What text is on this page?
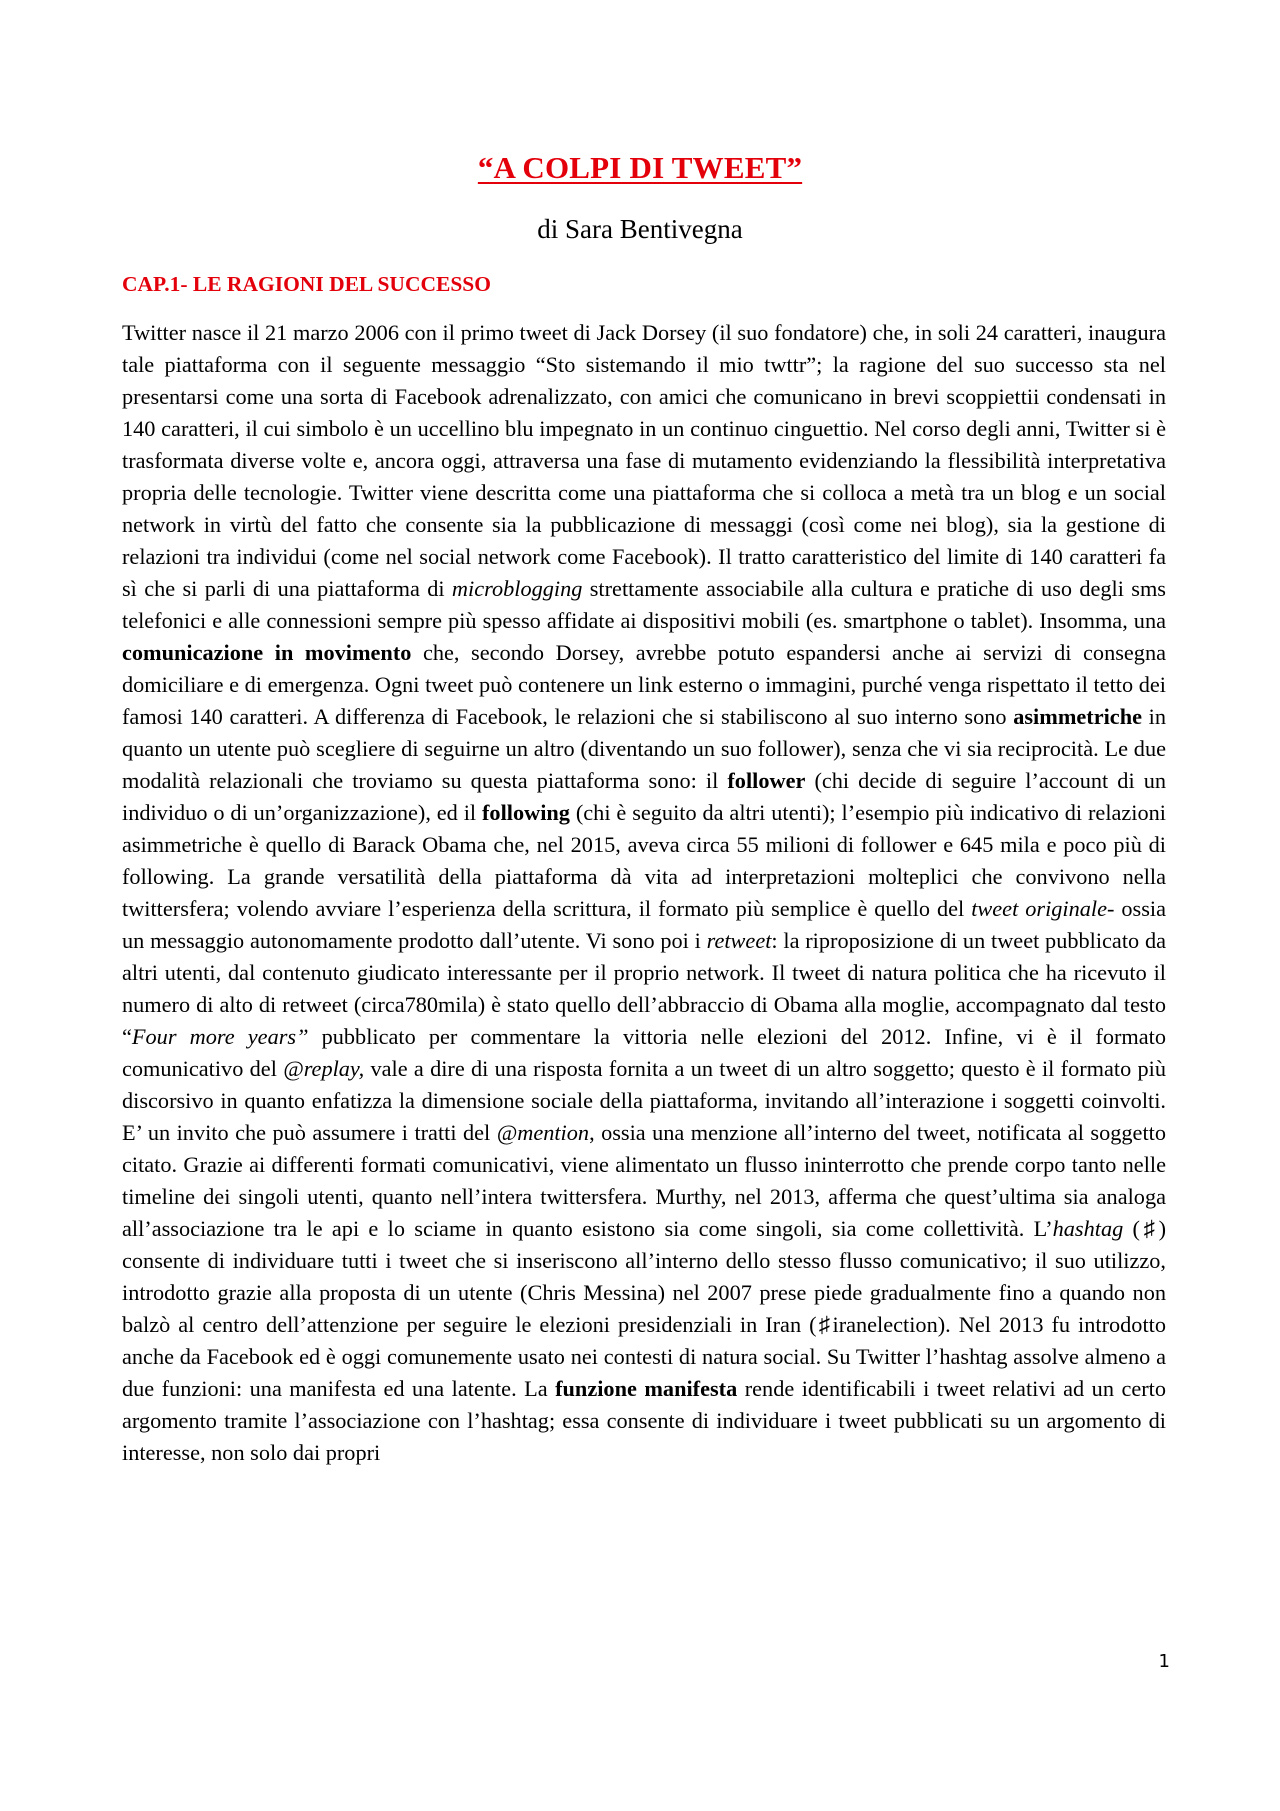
“A COLPI DI TWEET”

di Sara Bentivegna

CAP.1- LE RAGIONI DEL SUCCESSO

Twitter nasce il 21 marzo 2006 con il primo tweet di Jack Dorsey (il suo fondatore) che, in soli 24 caratteri, inaugura tale piattaforma con il seguente messaggio “Sto sistemando il mio twttr”; la ragione del suo successo sta nel presentarsi come una sorta di Facebook adrenalizzato, con amici che comunicano in brevi scoppiettii condensati in 140 caratteri, il cui simbolo è un uccellino blu impegnato in un continuo cinguettio. Nel corso degli anni, Twitter si è trasformata diverse volte e, ancora oggi, attraversa una fase di mutamento evidenziando la flessibilità interpretativa propria delle tecnologie. Twitter viene descritta come una piattaforma che si colloca a metà tra un blog e un social network in virtù del fatto che consente sia la pubblicazione di messaggi (così come nei blog), sia la gestione di relazioni tra individui (come nel social network come Facebook). Il tratto caratteristico del limite di 140 caratteri fa sì che si parli di una piattaforma di microblogging strettamente associabile alla cultura e pratiche di uso degli sms telefonici e alle connessioni sempre più spesso affidate ai dispositivi mobili (es. smartphone o tablet). Insomma, una comunicazione in movimento che, secondo Dorsey, avrebbe potuto espandersi anche ai servizi di consegna domiciliare e di emergenza. Ogni tweet può contenere un link esterno o immagini, purché venga rispettato il tetto dei famosi 140 caratteri. A differenza di Facebook, le relazioni che si stabiliscono al suo interno sono asimmetriche in quanto un utente può scegliere di seguirne un altro (diventando un suo follower), senza che vi sia reciprocità. Le due modalità relazionali che troviamo su questa piattaforma sono: il follower (chi decide di seguire l’account di un individuo o di un’organizzazione), ed il following (chi è seguito da altri utenti); l’esempio più indicativo di relazioni asimmetriche è quello di Barack Obama che, nel 2015, aveva circa 55 milioni di follower e 645 mila e poco più di following. La grande versatilità della piattaforma dà vita ad interpretazioni molteplici che convivono nella twittersfera; volendo avviare l’esperienza della scrittura, il formato più semplice è quello del tweet originale- ossia un messaggio autonomamente prodotto dall’utente. Vi sono poi i retweet: la riproposizione di un tweet pubblicato da altri utenti, dal contenuto giudicato interessante per il proprio network. Il tweet di natura politica che ha ricevuto il numero di alto di retweet (circa780mila) è stato quello dell’abbraccio di Obama alla moglie, accompagnato dal testo “Four more years” pubblicato per commentare la vittoria nelle elezioni del 2012. Infine, vi è il formato comunicativo del @replay, vale a dire di una risposta fornita a un tweet di un altro soggetto; questo è il formato più discorsivo in quanto enfatizza la dimensione sociale della piattaforma, invitando all’interazione i soggetti coinvolti. E’ un invito che può assumere i tratti del @mention, ossia una menzione all’interno del tweet, notificata al soggetto citato. Grazie ai differenti formati comunicativi, viene alimentato un flusso ininterrotto che prende corpo tanto nelle timeline dei singoli utenti, quanto nell’intera twittersfera. Murthy, nel 2013, afferma che quest’ultima sia analoga all’associazione tra le api e lo sciame in quanto esistono sia come singoli, sia come collettività. L’hashtag (♯) consente di individuare tutti i tweet che si inseriscono all’interno dello stesso flusso comunicativo; il suo utilizzo, introdotto grazie alla proposta di un utente (Chris Messina) nel 2007 prese piede gradualmente fino a quando non balzò al centro dell’attenzione per seguire le elezioni presidenziali in Iran (♯iranelection). Nel 2013 fu introdotto anche da Facebook ed è oggi comunemente usato nei contesti di natura social. Su Twitter l’hashtag assolve almeno a due funzioni: una manifesta ed una latente. La funzione manifesta rende identificabili i tweet relativi ad un certo argomento tramite l’associazione con l’hashtag; essa consente di individuare i tweet pubblicati su un argomento di interesse, non solo dai propri

1
